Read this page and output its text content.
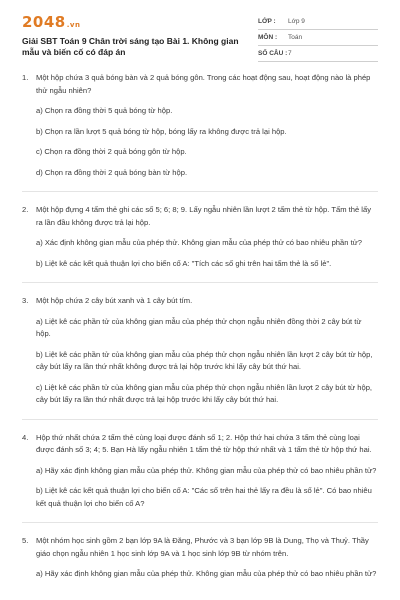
2048.vn
Giải SBT Toán 9 Chân trời sáng tạo Bài 1. Không gian mẫu và biến cố có đáp án
LỚP :	Lớp 9
MÔN :	Toán
SỐ CÂU : 7
1.	Một hộp chứa 3 quả bóng bàn và 2 quả bóng gôn. Trong các hoạt động sau, hoạt động nào là phép thử ngẫu nhiên?
a) Chọn ra đồng thời 5 quả bóng từ hộp.
b) Chọn ra lần lượt 5 quả bóng từ hộp, bóng lấy ra không được trả lại hộp.
c) Chọn ra đồng thời 2 quả bóng gôn từ hộp.
d) Chọn ra đồng thời 2 quả bóng bàn từ hộp.
2.	Một hộp đựng 4 tấm thẻ ghi các số 5; 6; 8; 9. Lấy ngẫu nhiên lần lượt 2 tấm thẻ từ hộp. Tấm thẻ lấy ra lần đầu không được trả lại hộp.
a) Xác định không gian mẫu của phép thử. Không gian mẫu của phép thử có bao nhiêu phần tử?
b) Liệt kê các kết quả thuận lợi cho biến cố A: "Tích các số ghi trên hai tấm thẻ là số lẻ".
3.	Một hộp chứa 2 cây bút xanh và 1 cây bút tím.
a) Liệt kê các phần tử của không gian mẫu của phép thử chọn ngẫu nhiên đồng thời 2 cây bút từ hộp.
b) Liệt kê các phần tử của không gian mẫu của phép thử chọn ngẫu nhiên lần lượt 2 cây bút từ hộp, cây bút lấy ra lần thứ nhất không được trả lại hộp trước khi lấy cây bút thứ hai.
c) Liệt kê các phần tử của không gian mẫu của phép thử chọn ngẫu nhiên lần lượt 2 cây bút từ hộp, cây bút lấy ra lần thứ nhất được trả lại hộp trước khi lấy cây bút thứ hai.
4.	Hộp thứ nhất chứa 2 tấm thẻ cùng loại được đánh số 1; 2. Hộp thứ hai chứa 3 tấm thẻ cùng loại được đánh số 3; 4; 5. Bạn Hà lấy ngẫu nhiên 1 tấm thẻ từ hộp thứ nhất và 1 tấm thẻ từ hộp thứ hai.
a) Hãy xác định không gian mẫu của phép thử. Không gian mẫu của phép thử có bao nhiêu phần tử?
b) Liệt kê các kết quả thuận lợi cho biến cố A: "Các số trên hai thẻ lấy ra đều là số lẻ". Có bao nhiêu kết quả thuận lợi cho biến cố A?
5.	Một nhóm học sinh gồm 2 bạn lớp 9A là Đăng, Phước và 3 bạn lớp 9B là Dung, Thọ và Thuỷ. Thầy giáo chọn ngẫu nhiên 1 học sinh lớp 9A và 1 học sinh lớp 9B từ nhóm trên.
a) Hãy xác định không gian mẫu của phép thử. Không gian mẫu của phép thử có bao nhiêu phần tử?
